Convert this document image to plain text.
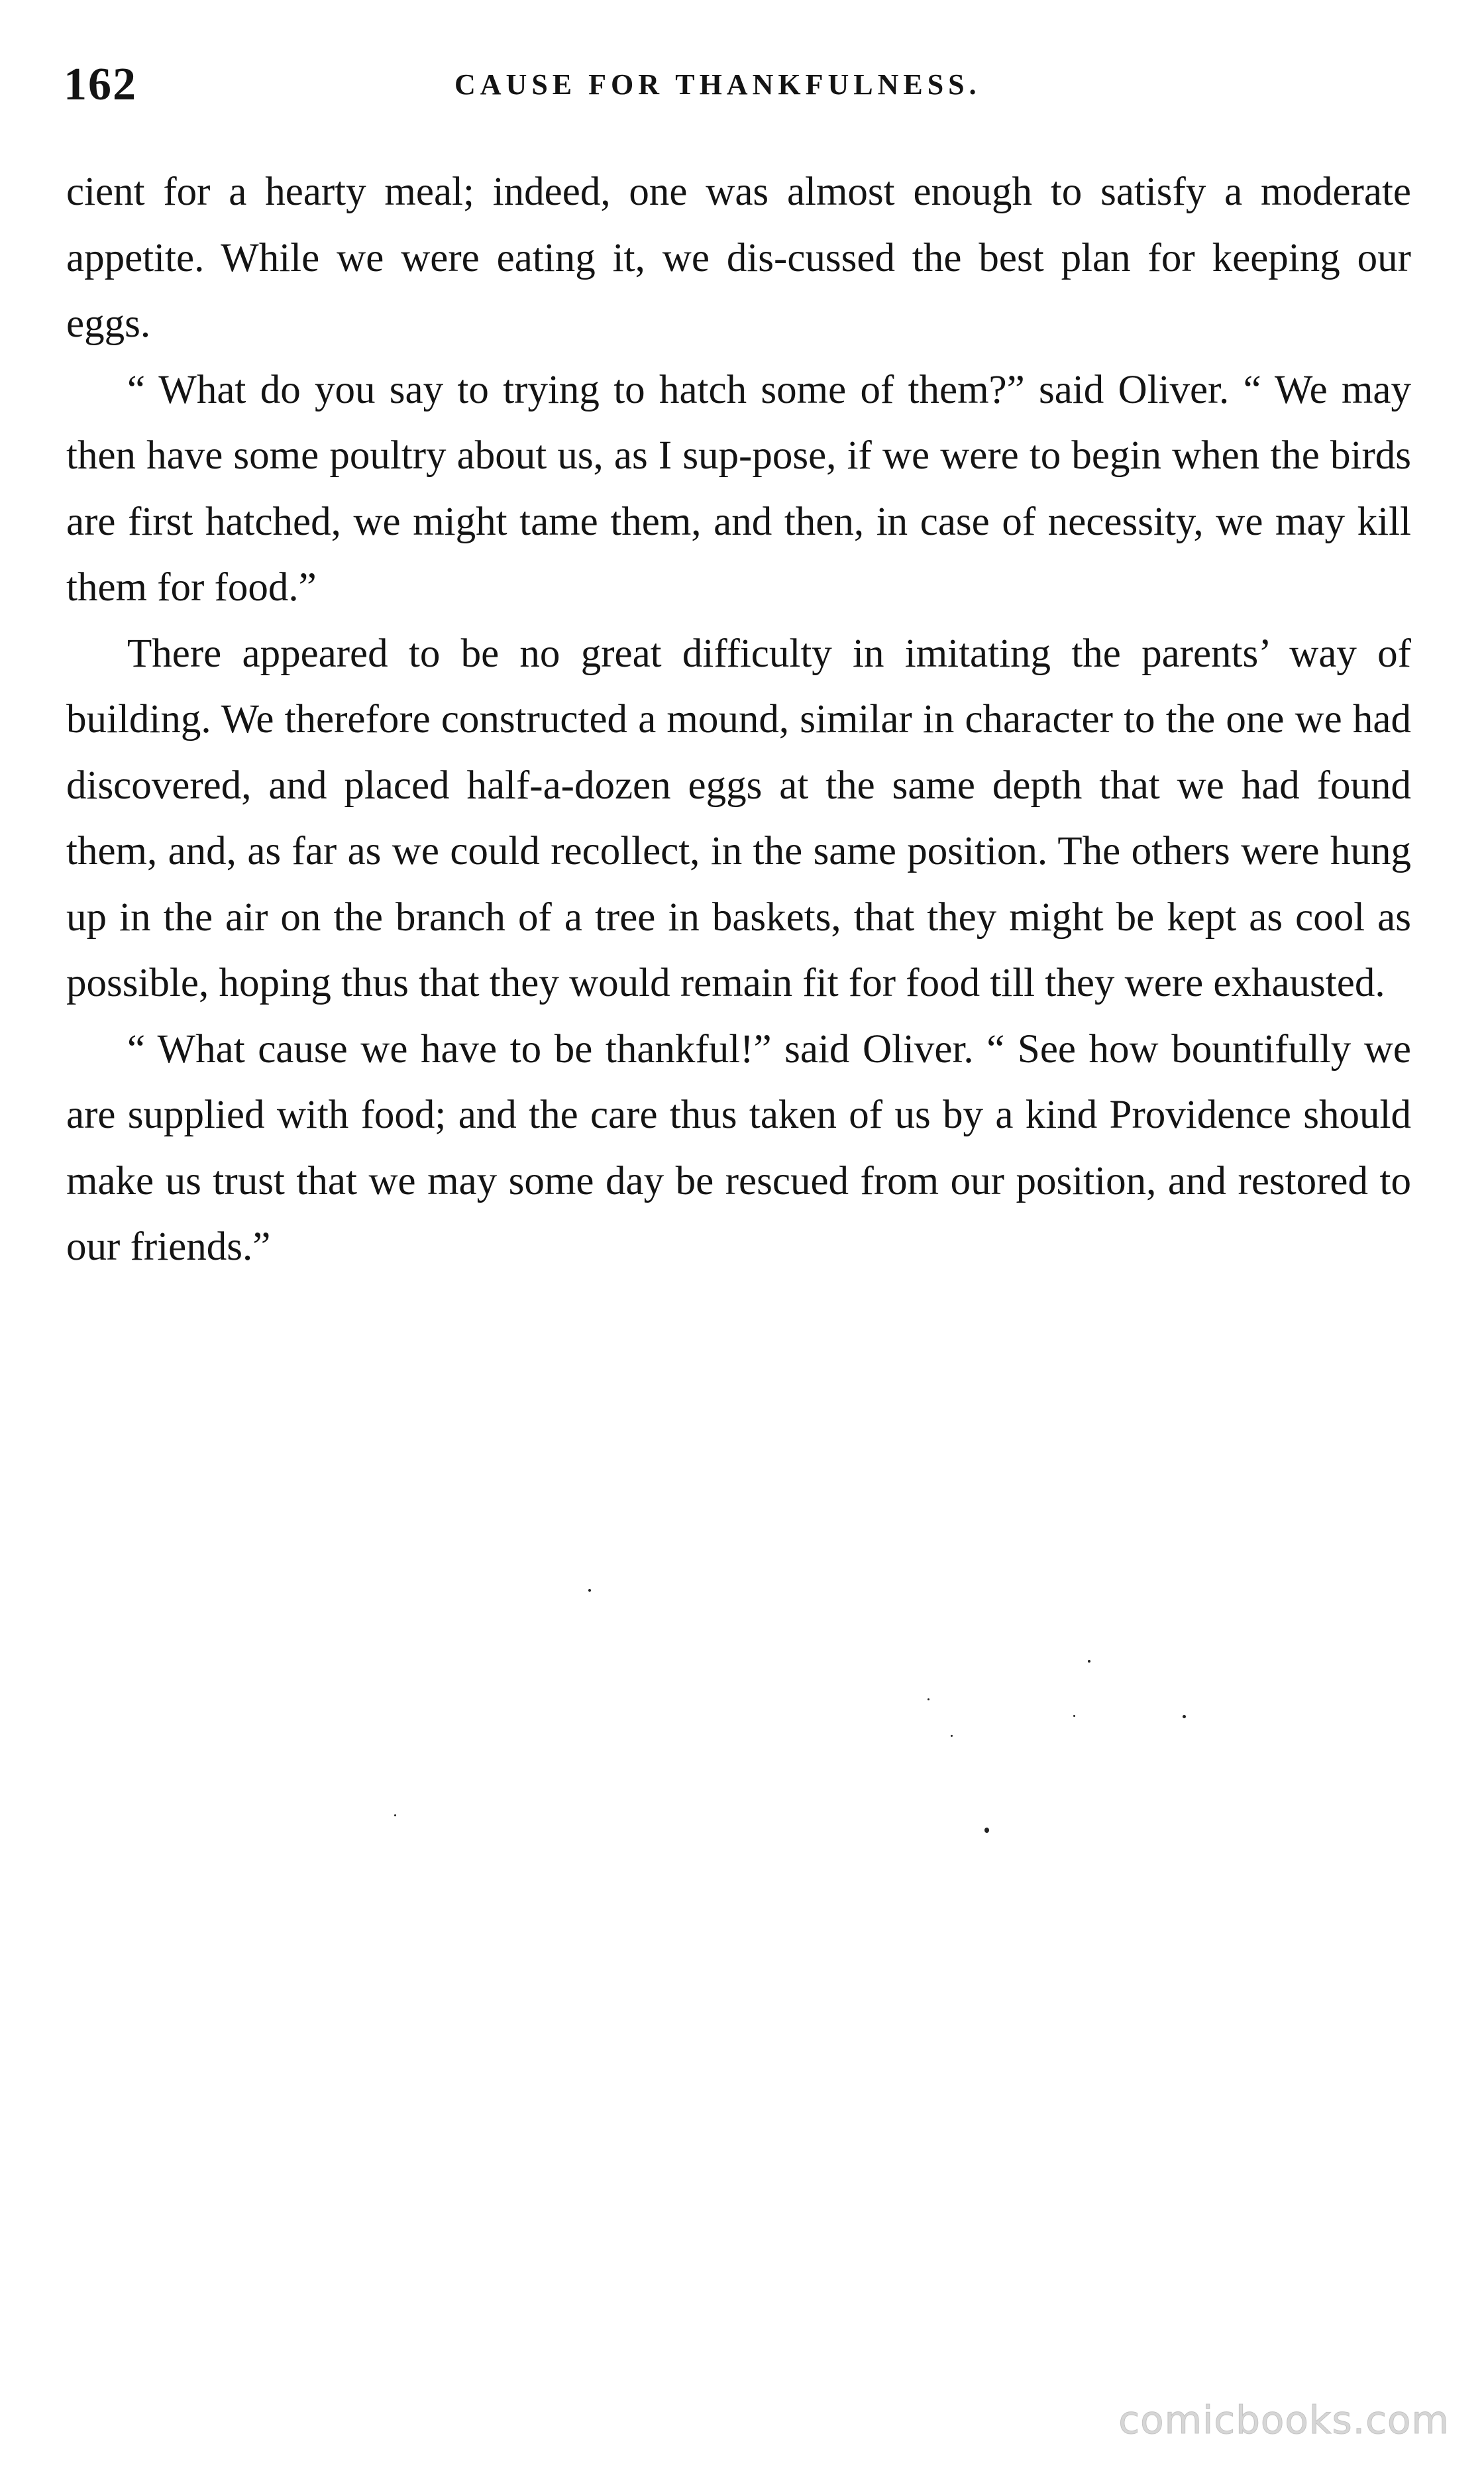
162	CAUSE FOR THANKFULNESS.

cient for a hearty meal; indeed, one was almost enough to satisfy a moderate appetite. While we were eating it, we dis-cussed the best plan for keeping our eggs.

“ What do you say to trying to hatch some of them?” said Oliver. “ We may then have some poultry about us, as I sup-pose, if we were to begin when the birds are first hatched, we might tame them, and then, in case of necessity, we may kill them for food.”

There appeared to be no great difficulty in imitating the parents’ way of building. We therefore constructed a mound, similar in character to the one we had discovered, and placed half-a-dozen eggs at the same depth that we had found them, and, as far as we could recollect, in the same position. The others were hung up in the air on the branch of a tree in baskets, that they might be kept as cool as possible, hoping thus that they would remain fit for food till they were exhausted.

“ What cause we have to be thankful!” said Oliver. “ See how bountifully we are supplied with food; and the care thus taken of us by a kind Providence should make us trust that we may some day be rescued from our position, and restored to our friends.”

comicbooks.com
